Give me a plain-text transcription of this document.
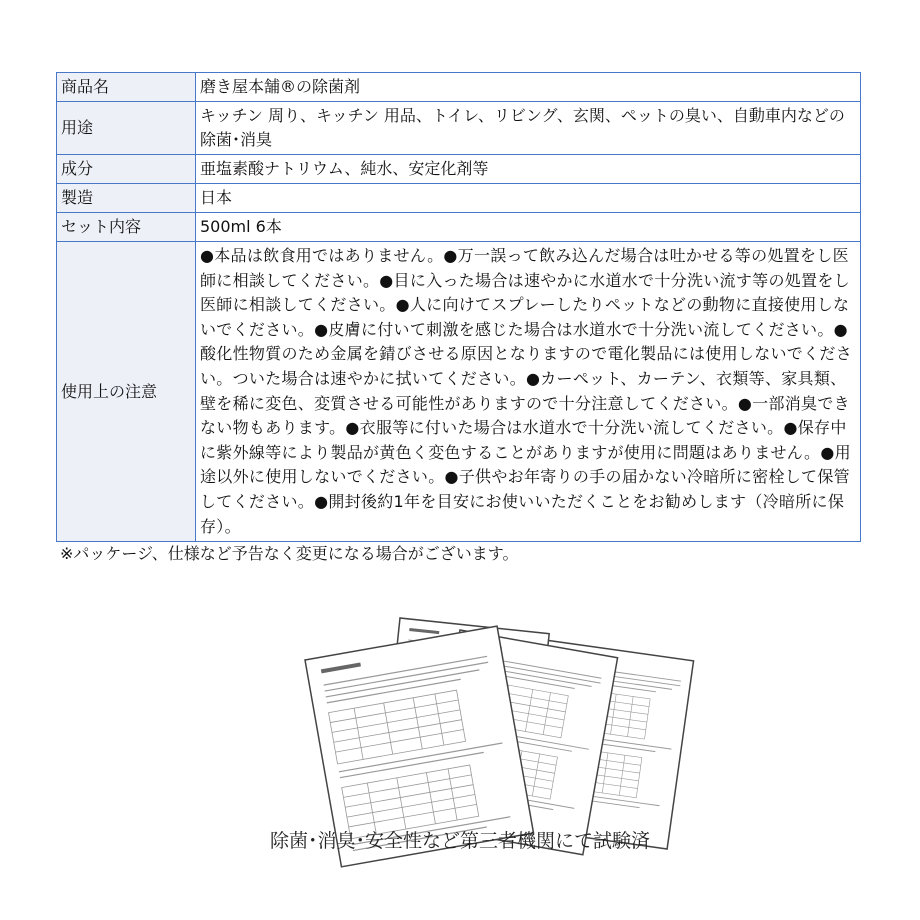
商品名	磨き屋本舗®の除菌剤
用途	キッチン 周り、キッチン 用品、トイレ、リビング、玄関、ペットの臭い、自動車内などの除菌･消臭
成分	亜塩素酸ナトリウム、純水、安定化剤等
製造	日本
セット内容	500ml 6本
使用上の注意	●本品は飲食用ではありません。●万一誤って飲み込んだ場合は吐かせる等の処置をし医師に相談してください。●目に入った場合は速やかに水道水で十分洗い流す等の処置をし医師に相談してください。●人に向けてスプレーしたりペットなどの動物に直接使用しないでください。●皮膚に付いて刺激を感じた場合は水道水で十分洗い流してください。●酸化性物質のため金属を錆びさせる原因となりますので電化製品には使用しないでください。ついた場合は速やかに拭いてください。●カーペット、カーテン、衣類等、家具類、壁を稀に変色、変質させる可能性がありますので十分注意してください。●一部消臭できない物もあります。●衣服等に付いた場合は水道水で十分洗い流してください。●保存中に紫外線等により製品が黄色く変色することがありますが使用に問題はありません。●用途以外に使用しないでください。●子供やお年寄りの手の届かない冷暗所に密栓して保管してください。●開封後約1年を目安にお使いいただくことをお勧めします（冷暗所に保存）。
※パッケージ、仕様など予告なく変更になる場合がございます。
除菌･消臭･安全性など第三者機関にて試験済
